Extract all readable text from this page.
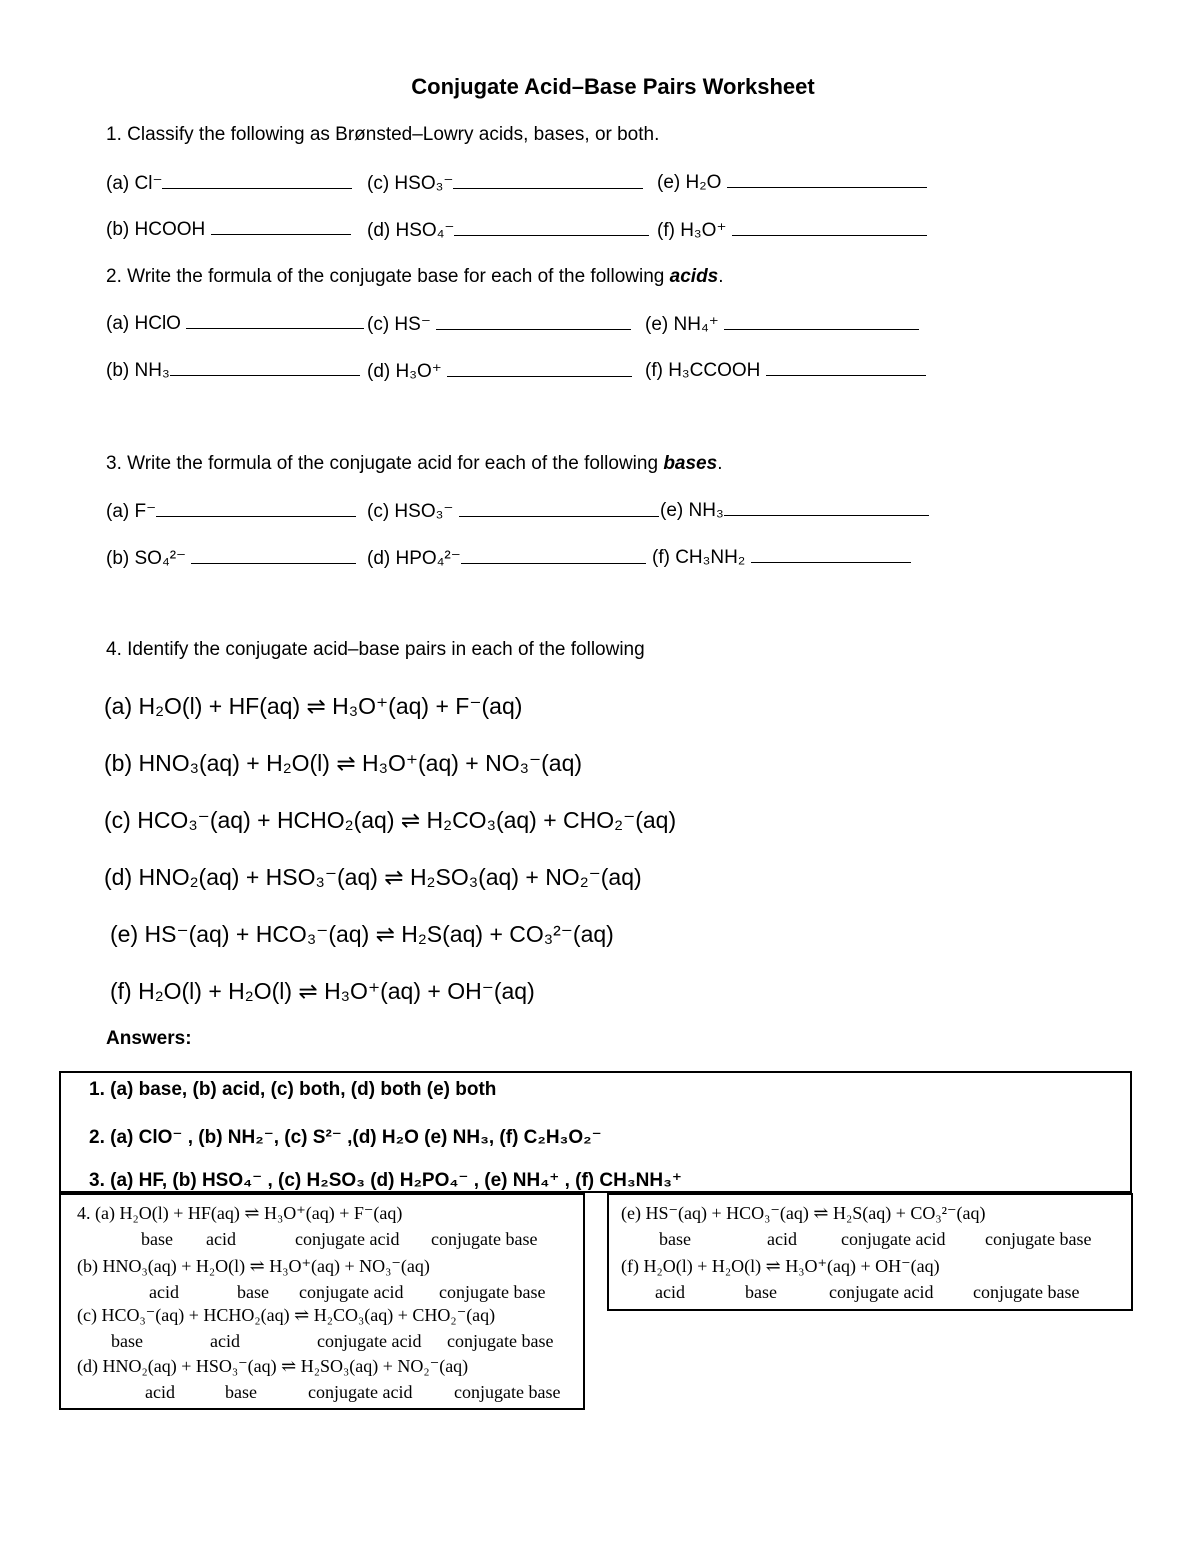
Conjugate Acid–Base Pairs Worksheet
1. Classify the following as Brønsted–Lowry acids, bases, or both.
(a) Cl⁻	(c) HSO₃⁻	(e) H₂O
(b) HCOOH	(d) HSO₄⁻	(f) H₃O⁺
2. Write the formula of the conjugate base for each of the following acids.
(a) HClO	(c) HS⁻	(e) NH₄⁺
(b) NH₃	(d) H₃O⁺	(f) H₃CCOOH
3. Write the formula of the conjugate acid for each of the following bases.
(a) F⁻	(c) HSO₃⁻	(e) NH₃
(b) SO₄²⁻	(d) HPO₄²⁻	(f) CH₃NH₂
4. Identify the conjugate acid–base pairs in each of the following
(a) H₂O(l) + HF(aq) ⇌ H₃O⁺(aq) + F⁻(aq)
(b) HNO₃(aq) + H₂O(l) ⇌ H₃O⁺(aq) + NO₃⁻(aq)
(c) HCO₃⁻(aq) + HCHO₂(aq) ⇌ H₂CO₃(aq) + CHO₂⁻(aq)
(d) HNO₂(aq) + HSO₃⁻(aq) ⇌ H₂SO₃(aq) + NO₂⁻(aq)
(e) HS⁻(aq) + HCO₃⁻(aq) ⇌ H₂S(aq) + CO₃²⁻(aq)
(f) H₂O(l) + H₂O(l) ⇌ H₃O⁺(aq) + OH⁻(aq)
Answers:
1. (a) base, (b) acid, (c) both, (d) both (e) both
2. (a) ClO⁻ , (b) NH₂⁻, (c) S²⁻ ,(d) H₂O (e) NH₃, (f) C₂H₃O₂⁻
3. (a) HF, (b) HSO₄⁻ , (c) H₂SO₃ (d) H₂PO₄⁻ , (e) NH₄⁺ , (f) CH₃NH₃⁺
4. (a) H₂O(l) + HF(aq) ⇌ H₃O⁺(aq) + F⁻(aq)
base acid	conjugate acid conjugate base
(b) HNO₃(aq) + H₂O(l) ⇌ H₃O⁺(aq) + NO₃⁻(aq)
acid	base conjugate acid conjugate base
(c) HCO₃⁻(aq) + HCHO₂(aq) ⇌ H₂CO₃(aq) + CHO₂⁻(aq)
base	acid	conjugate acid conjugate base
(d) HNO₂(aq) + HSO₃⁻(aq) ⇌ H₂SO₃(aq) + NO₂⁻(aq)
acid	base	conjugate acid conjugate base
(e) HS⁻(aq) + HCO₃⁻(aq) ⇌ H₂S(aq) + CO₃²⁻(aq)
base	acid conjugate acid conjugate base
(f) H₂O(l) + H₂O(l) ⇌ H₃O⁺(aq) + OH⁻(aq)
acid	base	conjugate acid conjugate base
